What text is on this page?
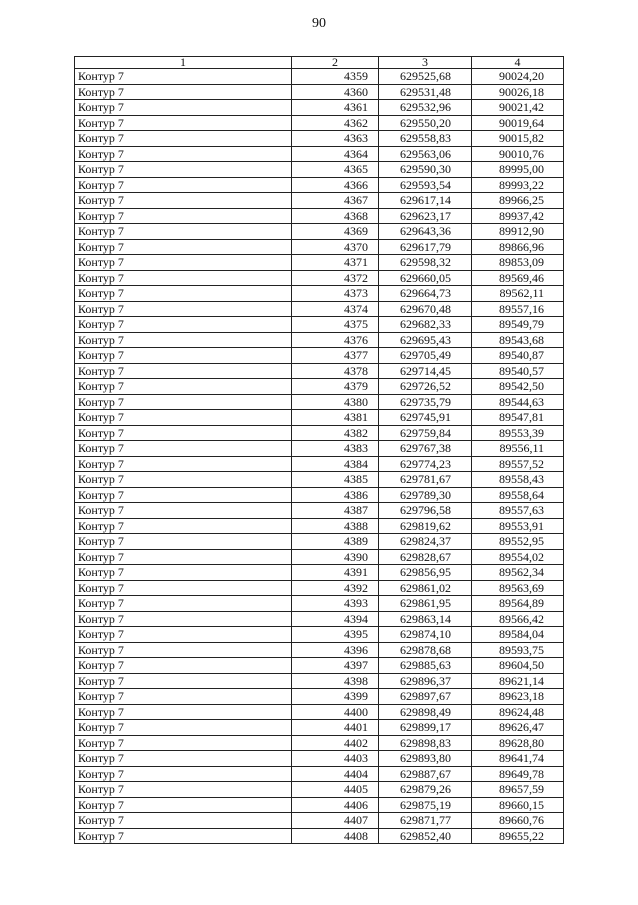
90
1	2	3	4
Контур 7	4359	629525,68	90024,20
Контур 7	4360	629531,48	90026,18
Контур 7	4361	629532,96	90021,42
Контур 7	4362	629550,20	90019,64
Контур 7	4363	629558,83	90015,82
Контур 7	4364	629563,06	90010,76
Контур 7	4365	629590,30	89995,00
Контур 7	4366	629593,54	89993,22
Контур 7	4367	629617,14	89966,25
Контур 7	4368	629623,17	89937,42
Контур 7	4369	629643,36	89912,90
Контур 7	4370	629617,79	89866,96
Контур 7	4371	629598,32	89853,09
Контур 7	4372	629660,05	89569,46
Контур 7	4373	629664,73	89562,11
Контур 7	4374	629670,48	89557,16
Контур 7	4375	629682,33	89549,79
Контур 7	4376	629695,43	89543,68
Контур 7	4377	629705,49	89540,87
Контур 7	4378	629714,45	89540,57
Контур 7	4379	629726,52	89542,50
Контур 7	4380	629735,79	89544,63
Контур 7	4381	629745,91	89547,81
Контур 7	4382	629759,84	89553,39
Контур 7	4383	629767,38	89556,11
Контур 7	4384	629774,23	89557,52
Контур 7	4385	629781,67	89558,43
Контур 7	4386	629789,30	89558,64
Контур 7	4387	629796,58	89557,63
Контур 7	4388	629819,62	89553,91
Контур 7	4389	629824,37	89552,95
Контур 7	4390	629828,67	89554,02
Контур 7	4391	629856,95	89562,34
Контур 7	4392	629861,02	89563,69
Контур 7	4393	629861,95	89564,89
Контур 7	4394	629863,14	89566,42
Контур 7	4395	629874,10	89584,04
Контур 7	4396	629878,68	89593,75
Контур 7	4397	629885,63	89604,50
Контур 7	4398	629896,37	89621,14
Контур 7	4399	629897,67	89623,18
Контур 7	4400	629898,49	89624,48
Контур 7	4401	629899,17	89626,47
Контур 7	4402	629898,83	89628,80
Контур 7	4403	629893,80	89641,74
Контур 7	4404	629887,67	89649,78
Контур 7	4405	629879,26	89657,59
Контур 7	4406	629875,19	89660,15
Контур 7	4407	629871,77	89660,76
Контур 7	4408	629852,40	89655,22
